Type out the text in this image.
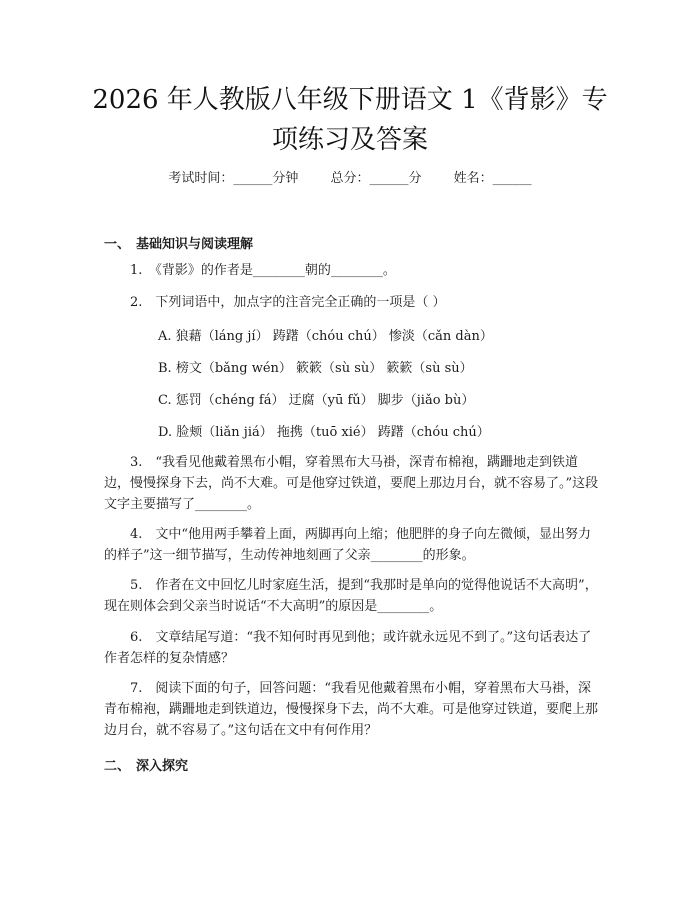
2026 年人教版八年级下册语文 1《背影》专
项练习及答案
考试时间：______分钟 总分：______分 姓名：______
一、 基础知识与阅读理解
1.　《背影》的作者是________朝的________。
2.　下列词语中，加点字的注音完全正确的一项是（ ）
A. 狼藉（láng jí） 踌躇（chóu chú） 惨淡（cǎn dàn）
B. 榜文（bǎng wén） 簌簌（sù sù） 簌簌（sù sù）
C. 惩罚（chéng fá） 迂腐（yū fǔ） 脚步（jiǎo bù）
D. 脸颊（liǎn jiá） 拖携（tuō xié） 踌躇（chóu chú）
3.　“我看见他戴着黑布小帽，穿着黑布大马褂，深青布棉袍，蹒跚地走到铁道边，慢慢探身下去，尚不大难。可是他穿过铁道，要爬上那边月台，就不容易了。”这段文字主要描写了________。
4.　文中“他用两手攀着上面，两脚再向上缩；他肥胖的身子向左微倾，显出努力的样子”这一细节描写，生动传神地刻画了父亲________的形象。
5.　作者在文中回忆儿时家庭生活，提到“我那时是单向的觉得他说话不大高明”，现在则体会到父亲当时说话“不大高明”的原因是________。
6.　文章结尾写道：“我不知何时再见到他；或许就永远见不到了。”这句话表达了作者怎样的复杂情感？
7.　阅读下面的句子，回答问题：“我看见他戴着黑布小帽，穿着黑布大马褂，深青布棉袍，蹒跚地走到铁道边，慢慢探身下去，尚不大难。可是他穿过铁道，要爬上那边月台，就不容易了。”这句话在文中有何作用？
二、 深入探究
